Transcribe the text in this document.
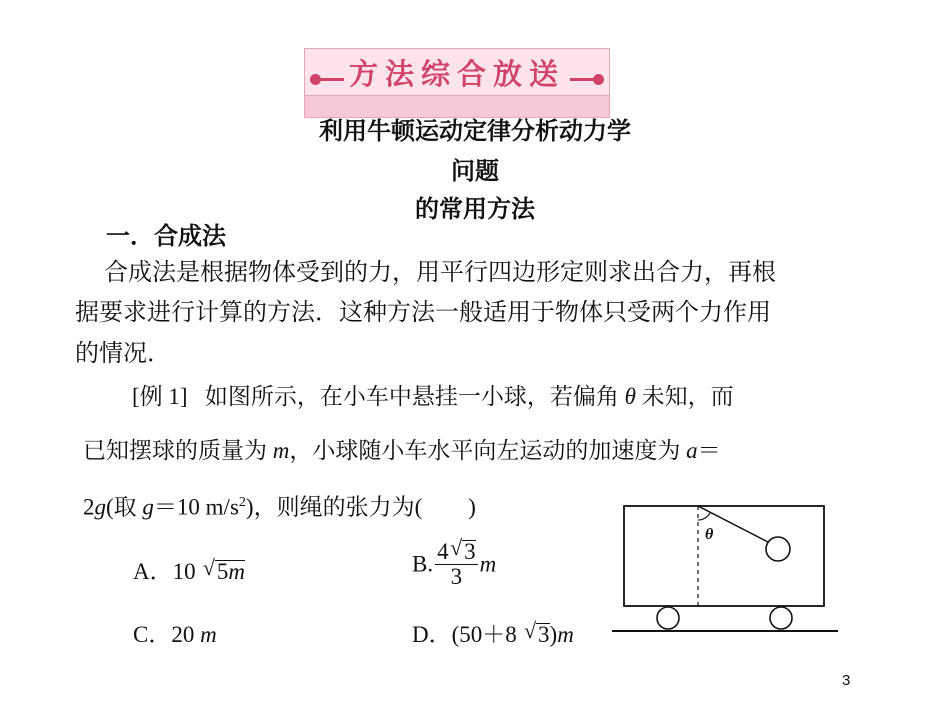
方法综合放送
利用牛顿运动定律分析动力学
问题
的常用方法
一．合成法
合成法是根据物体受到的力，用平行四边形定则求出合力，再根
据要求进行计算的方法．这种方法一般适用于物体只受两个力作用
的情况．
[例 1] 如图所示，在小车中悬挂一小球，若偏角 θ 未知，而
已知摆球的质量为 m，小球随小车水平向左运动的加速度为 a＝
2g(取 g＝10 $m/s^2$)，则绳的张力为(　　)
A．10 √ 5m	B. $\frac{4 √ 3}{3}$ m
C．20 m	D．(50＋8 √ 3)m
θ
3
